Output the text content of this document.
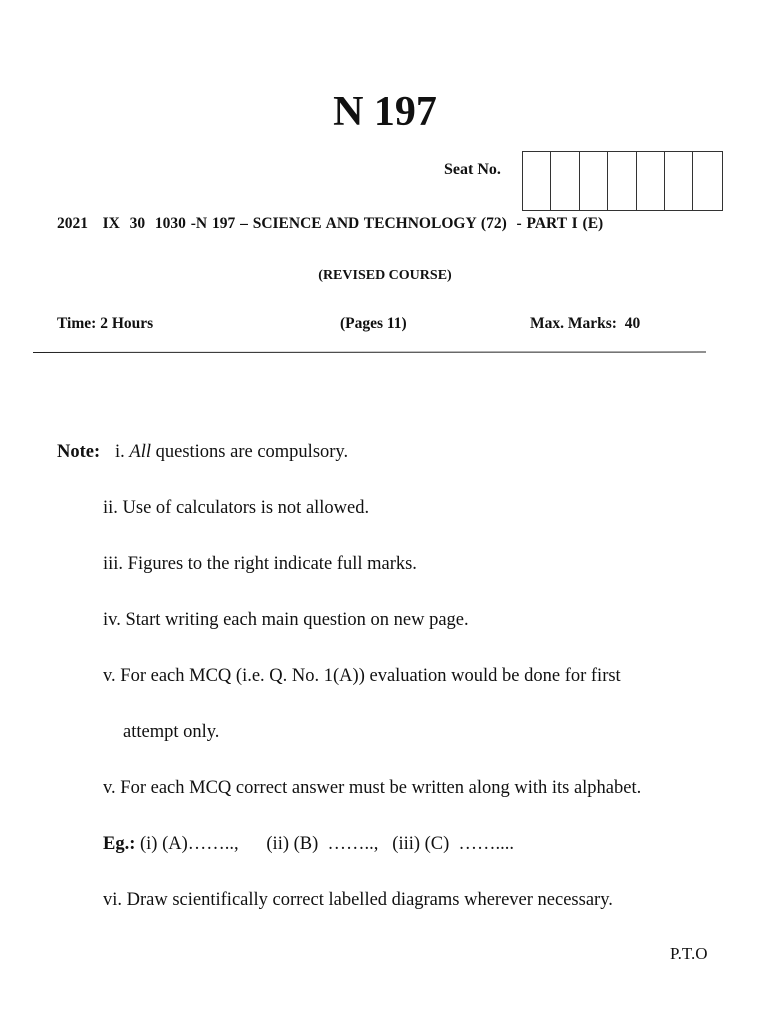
N 197
Seat No.
2021   IX  30  1030 -N 197 – SCIENCE AND TECHNOLOGY (72)  - PART I (E)
(REVISED COURSE)
Time: 2 Hours	(Pages 11)	Max. Marks:  40
Note: i. All questions are compulsory.
ii. Use of calculators is not allowed.
iii. Figures to the right indicate full marks.
iv. Start writing each main question on new page.
v. For each MCQ (i.e. Q. No. 1(A)) evaluation would be done for first
attempt only.
v. For each MCQ correct answer must be written along with its alphabet.
Eg.: (i) (A)……..,      (ii) (B)  ……..,   (iii) (C)  ……....
vi. Draw scientifically correct labelled diagrams wherever necessary.
P.T.O
